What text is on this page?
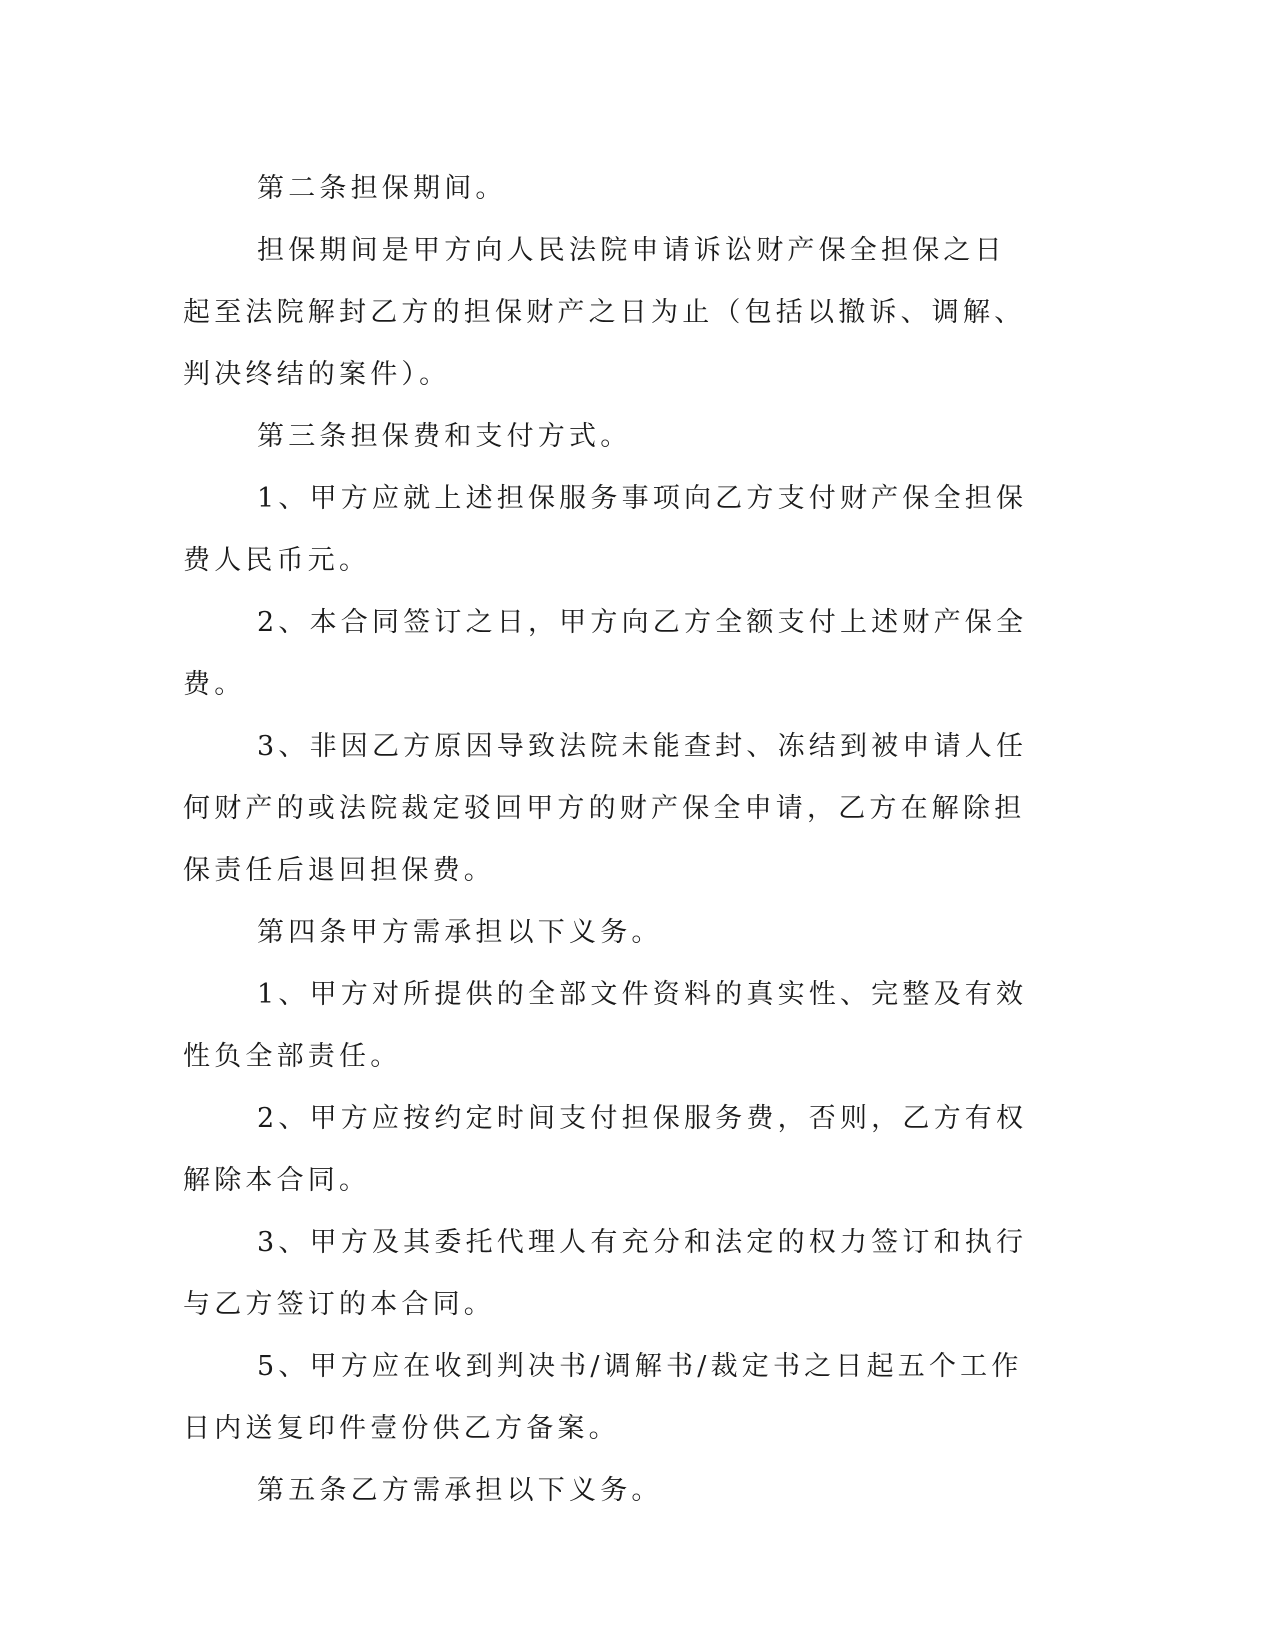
第二条担保期间。

担保期间是甲方向人民法院申请诉讼财产保全担保之日起至法院解封乙方的担保财产之日为止（包括以撤诉、调解、判决终结的案件）。

第三条担保费和支付方式。

1、甲方应就上述担保服务事项向乙方支付财产保全担保费人民币元。

2、本合同签订之日，甲方向乙方全额支付上述财产保全费。

3、非因乙方原因导致法院未能查封、冻结到被申请人任何财产的或法院裁定驳回甲方的财产保全申请，乙方在解除担保责任后退回担保费。

第四条甲方需承担以下义务。

1、甲方对所提供的全部文件资料的真实性、完整及有效性负全部责任。

2、甲方应按约定时间支付担保服务费，否则，乙方有权解除本合同。

3、甲方及其委托代理人有充分和法定的权力签订和执行与乙方签订的本合同。

5、甲方应在收到判决书/调解书/裁定书之日起五个工作日内送复印件壹份供乙方备案。

第五条乙方需承担以下义务。
